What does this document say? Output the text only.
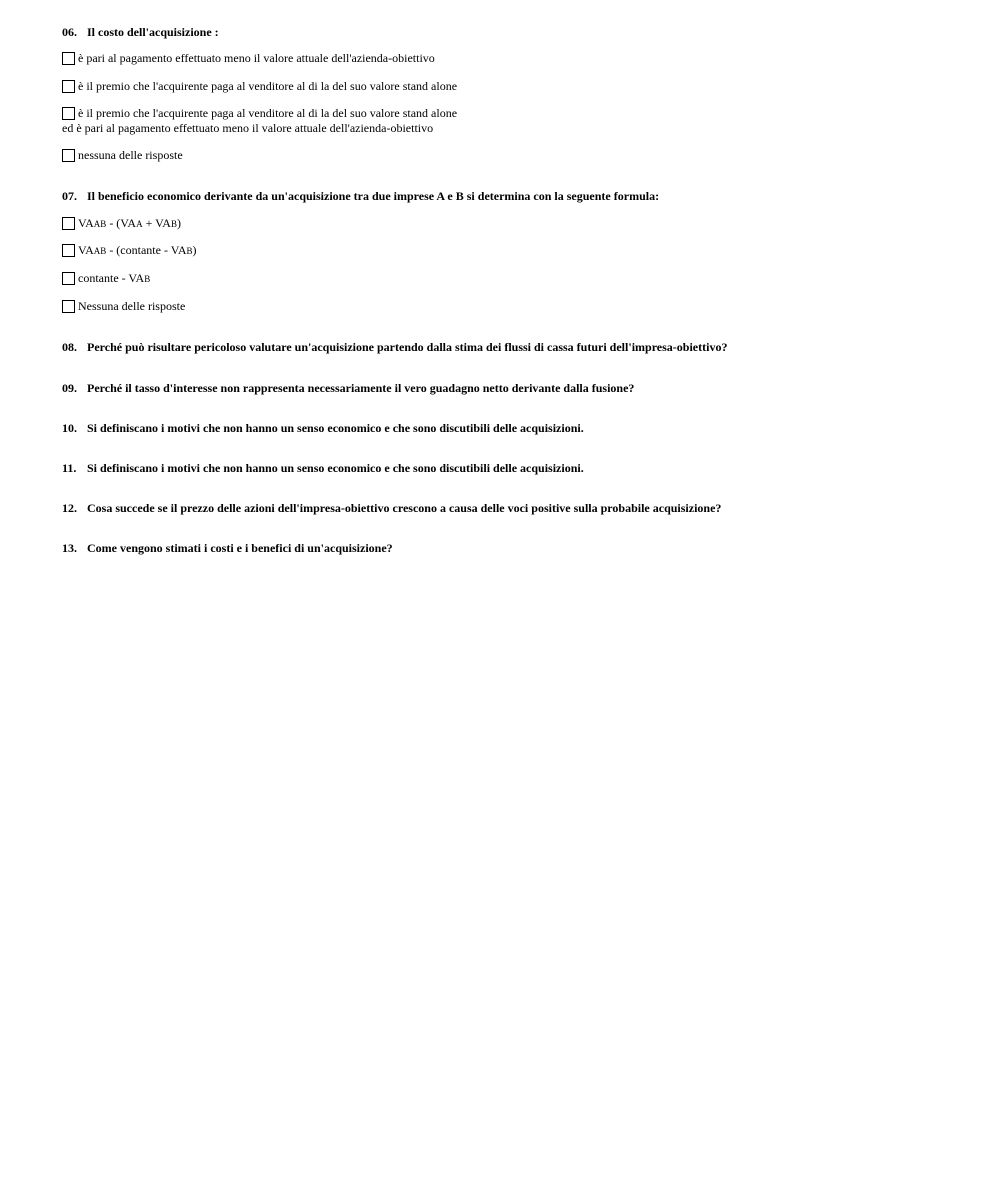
06. Il costo dell'acquisizione :
è pari al pagamento effettuato meno il valore attuale dell'azienda-obiettivo
è il premio che l'acquirente paga al venditore al di la del suo valore stand alone
è il premio che l'acquirente paga al venditore al di la del suo valore stand alone
ed è pari al pagamento effettuato meno il valore attuale dell'azienda-obiettivo
nessuna delle risposte
07. Il beneficio economico derivante da un'acquisizione tra due imprese A e B si determina con la seguente formula:
VAAB - (VAA + VAB)
VAAB - (contante - VAB)
contante - VAB
Nessuna delle risposte
08. Perché può risultare pericoloso valutare un'acquisizione partendo dalla stima dei flussi di cassa futuri dell'impresa-obiettivo?
09. Perché il tasso d'interesse non rappresenta necessariamente il vero guadagno netto derivante dalla fusione?
10. Si definiscano i motivi che non hanno un senso economico e che sono discutibili delle acquisizioni.
11. Si definiscano i motivi che non hanno un senso economico e che sono discutibili delle acquisizioni.
12. Cosa succede se il prezzo delle azioni dell'impresa-obiettivo crescono a causa delle voci positive sulla probabile acquisizione?
13. Come vengono stimati i costi e i benefici di un'acquisizione?
